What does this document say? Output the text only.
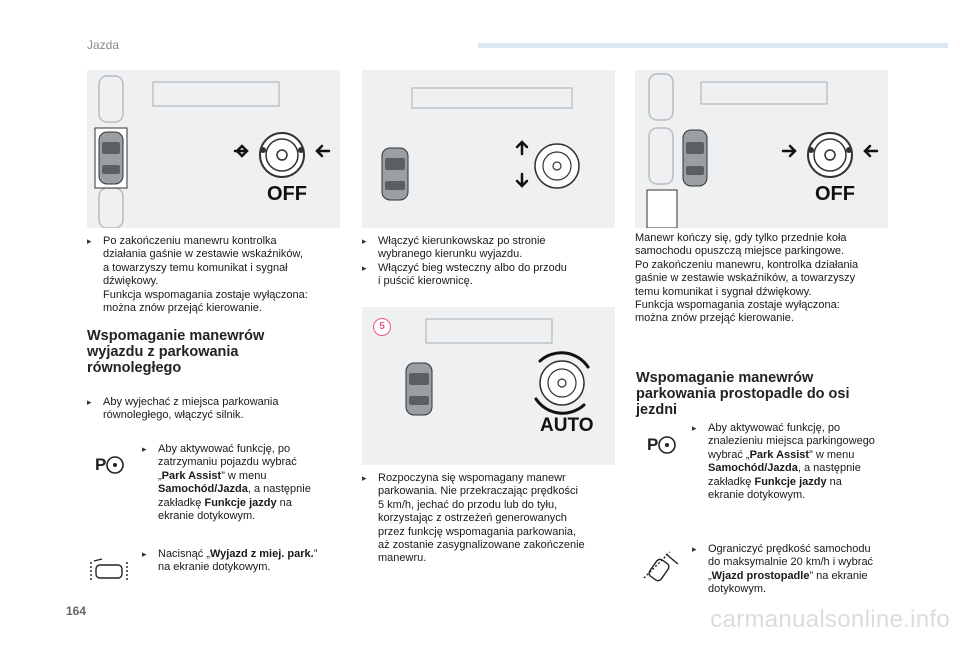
Jazda
OFF	OFF
AUTO
5
▸ Po zakończeniu manewru kontrolka
działania gaśnie w zestawie wskaźników,
a towarzyszy temu komunikat i sygnał
dźwiękowy.
Funkcja wspomagania zostaje wyłączona:
można znów przejąć kierowanie.
Wspomaganie manewrów
wyjazdu z parkowania
równoległego
▸ Aby wyjechać z miejsca parkowania
równoległego, włączyć silnik.
P
▸ Aby aktywować funkcję, po
zatrzymaniu pojazdu wybrać
„Park Assist” w menu
Samochód/Jazda, a następnie
zakładkę Funkcje jazdy na
ekranie dotykowym.
▸ Nacisnąć „Wyjazd z miej. park.”
na ekranie dotykowym.
▸ Włączyć kierunkowskaz po stronie
wybranego kierunku wyjazdu.
▸ Włączyć bieg wsteczny albo do przodu
i puścić kierownicę.
▸ Rozpoczyna się wspomagany manewr
parkowania. Nie przekraczając prędkości
5 km/h, jechać do przodu lub do tyłu,
korzystając z ostrzeżeń generowanych
przez funkcję wspomagania parkowania,
aż zostanie zasygnalizowane zakończenie
manewru.
Manewr kończy się, gdy tylko przednie koła
samochodu opuszczą miejsce parkingowe.
Po zakończeniu manewru, kontrolka działania
gaśnie w zestawie wskaźników, a towarzyszy
temu komunikat i sygnał dźwiękowy.
Funkcja wspomagania zostaje wyłączona:
można znów przejąć kierowanie.
Wspomaganie manewrów
parkowania prostopadle do osi
jezdni
P
▸ Aby aktywować funkcję, po
znalezieniu miejsca parkingowego
wybrać „Park Assist” w menu
Samochód/Jazda, a następnie
zakładkę Funkcje jazdy na
ekranie dotykowym.
▸ Ograniczyć prędkość samochodu
do maksymalnie 20 km/h i wybrać
„Wjazd prostopadle” na ekranie
dotykowym.
164	carmanualsonline.info
